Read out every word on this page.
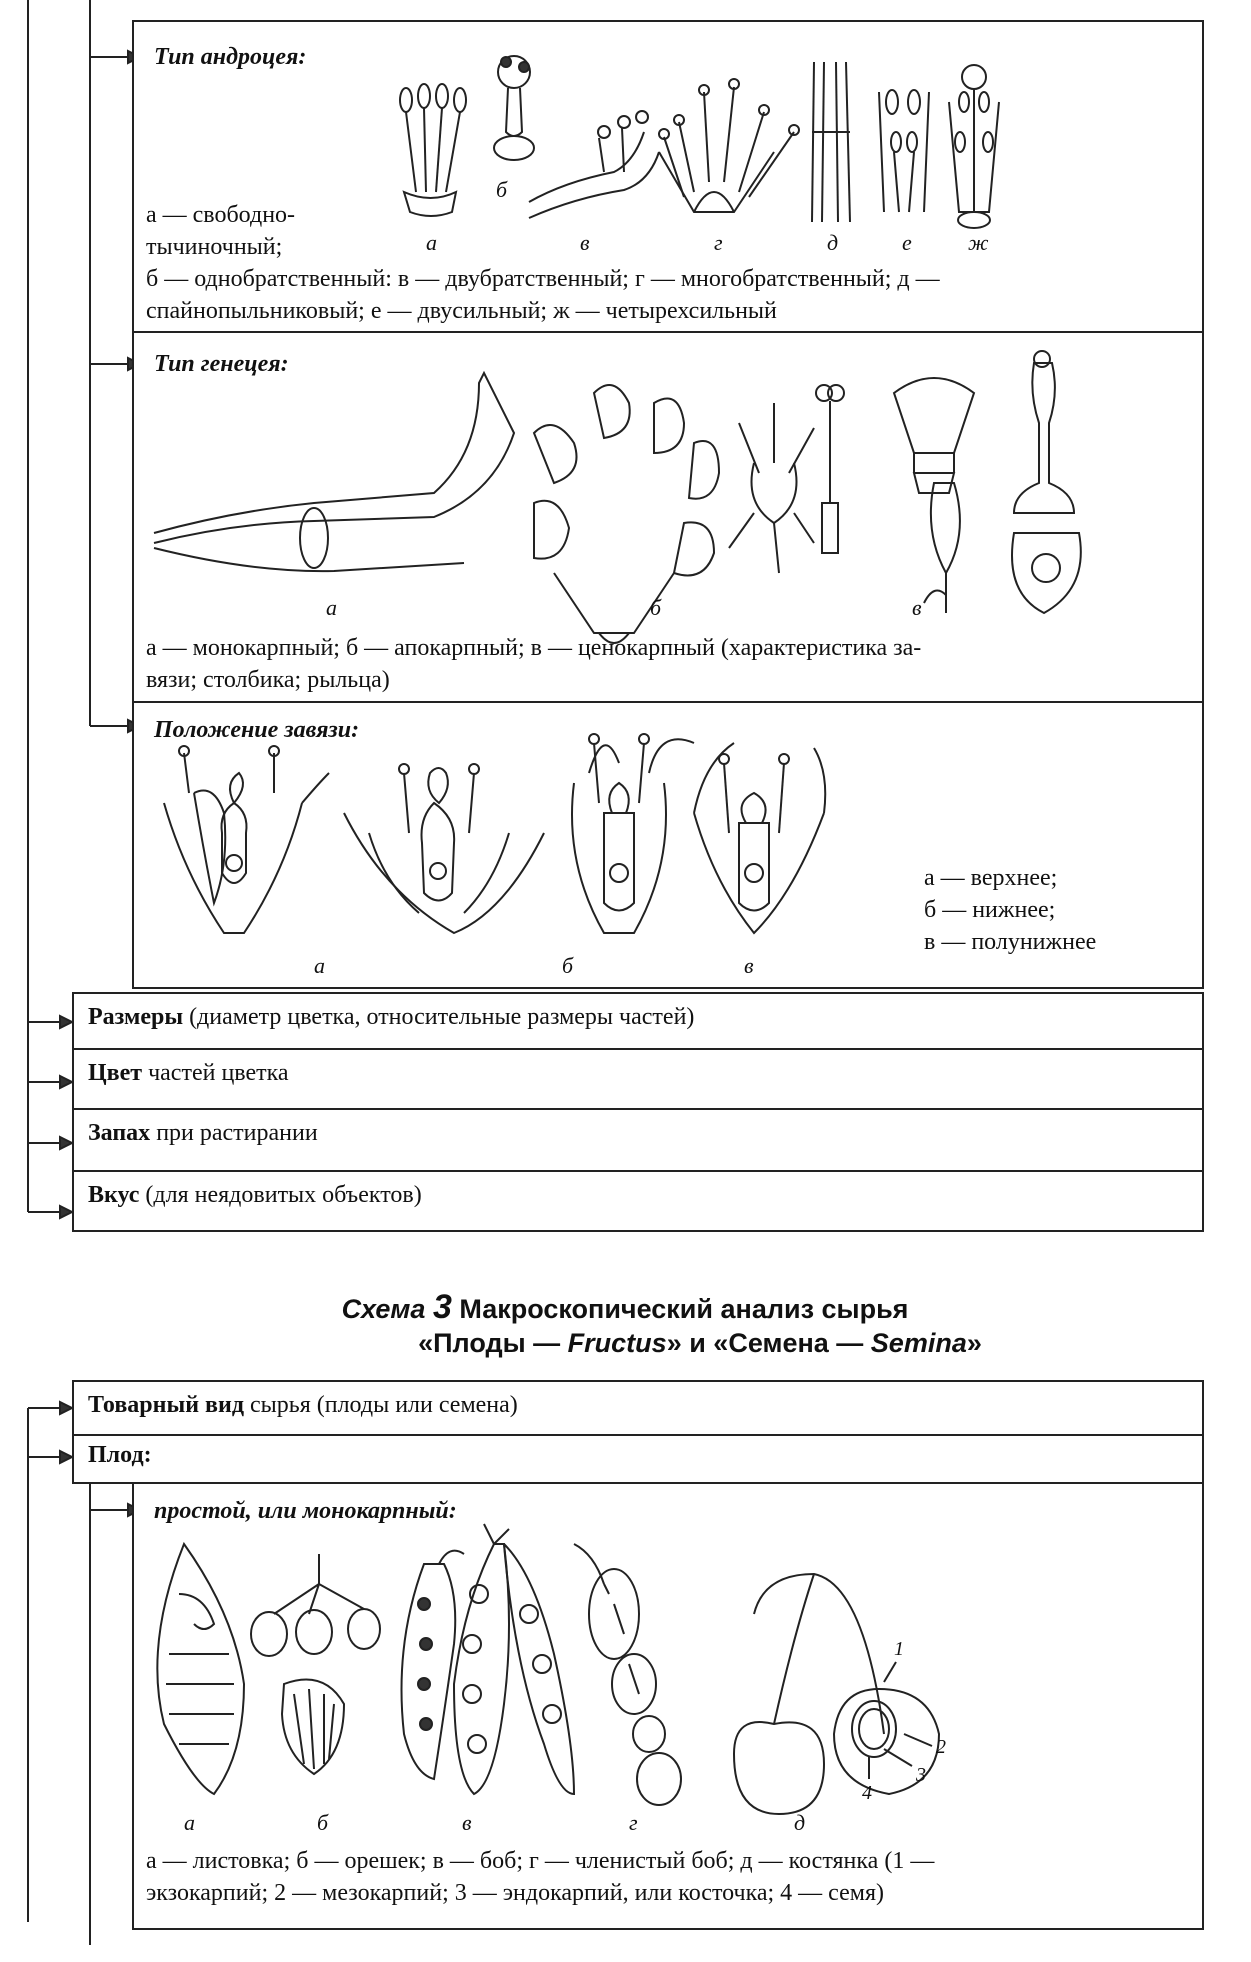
Тип андроцея:
а
б
в	г	д	е	ж
а — свободно-
тычиночный;
б — однобратственный: в — двубратственный; г — многобратственный; д —
спайнопыльниковый; е — двусильный; ж — четырехсильный
Тип генецея:
а	б	в
а — монокарпный; б — апокарпный; в — ценокарпный (характеристика за-
вязи; столбика; рыльца)
Положение завязи:
а	б	в
а — верхнее;
б — нижнее;
в — полунижнее
Размеры (диаметр цветка, относительные размеры частей)
Цвет частей цветка
Запах при растирании
Вкус (для неядовитых объектов)
Схема 3 Макроскопический анализ сырья
«Плоды — Fructus» и «Семена — Semina»
Товарный вид сырья (плоды или семена)
Плод:
простой, или монокарпный:
1
2
3
4
а	б	в	г	д
а — листовка; б — орешек; в — боб; г — членистый боб; д — костянка (1 —
экзокарпий; 2 — мезокарпий; 3 — эндокарпий, или косточка; 4 — семя)
